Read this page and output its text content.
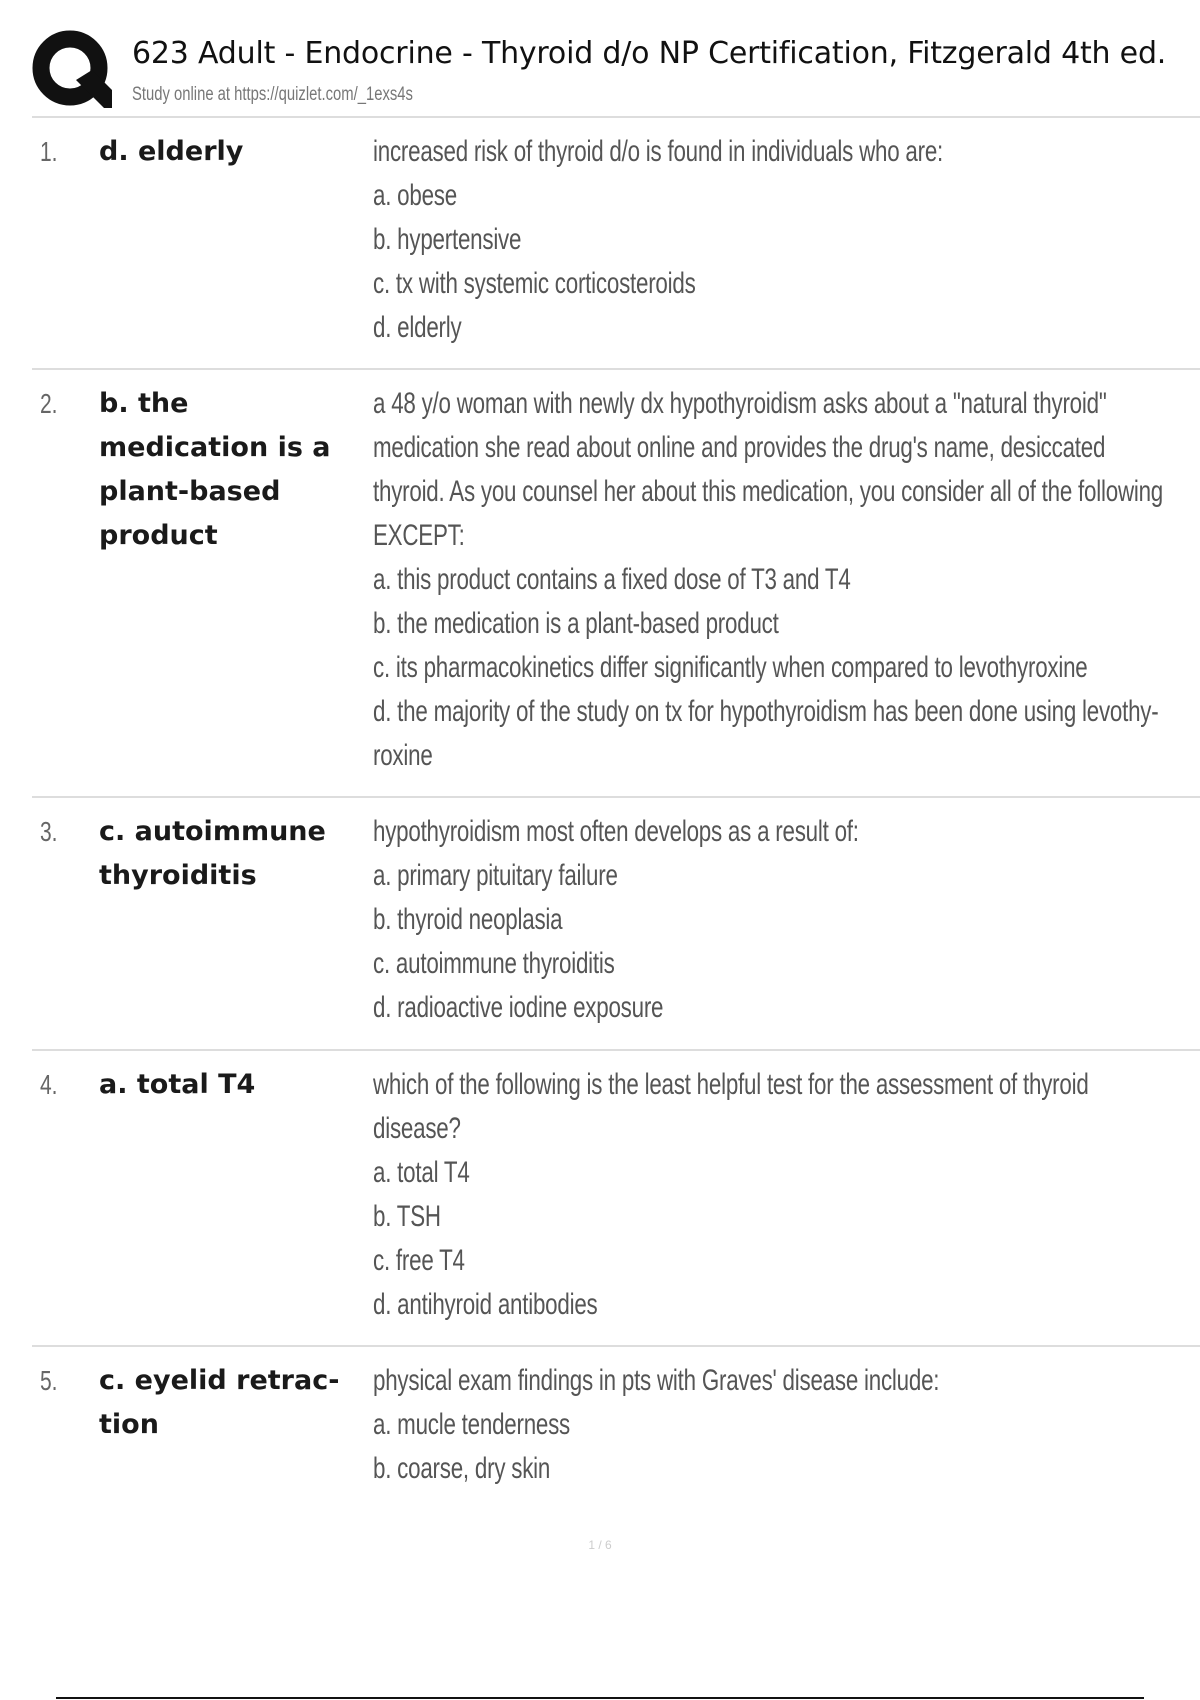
623 Adult - Endocrine - Thyroid d/o NP Certification, Fitzgerald 4th ed.
Study online at https://quizlet.com/_1exs4s
1. d. elderly	increased risk of thyroid d/o is found in individuals who are:
a. obese
b. hypertensive
c. tx with systemic corticosteroids
d. elderly
2. b. the medication is a plant-based product
a 48 y/o woman with newly dx hypothyroidism asks about a "natural thyroid"
medication she read about online and provides the drug's name, desiccated
thyroid. As you counsel her about this medication, you consider all of the following
EXCEPT:
a. this product contains a fixed dose of T3 and T4
b. the medication is a plant-based product
c. its pharmacokinetics differ significantly when compared to levothyroxine
d. the majority of the study on tx for hypothyroidism has been done using levothy-
roxine
3. c. autoimmune thyroiditis
hypothyroidism most often develops as a result of:
a. primary pituitary failure
b. thyroid neoplasia
c. autoimmune thyroiditis
d. radioactive iodine exposure
4. a. total T4	which of the following is the least helpful test for the assessment of thyroid
disease?
a. total T4
b. TSH
c. free T4
d. antihyroid antibodies
5. c. eyelid retrac- tion
physical exam findings in pts with Graves' disease include:
a. mucle tenderness
b. coarse, dry skin
1 / 6
